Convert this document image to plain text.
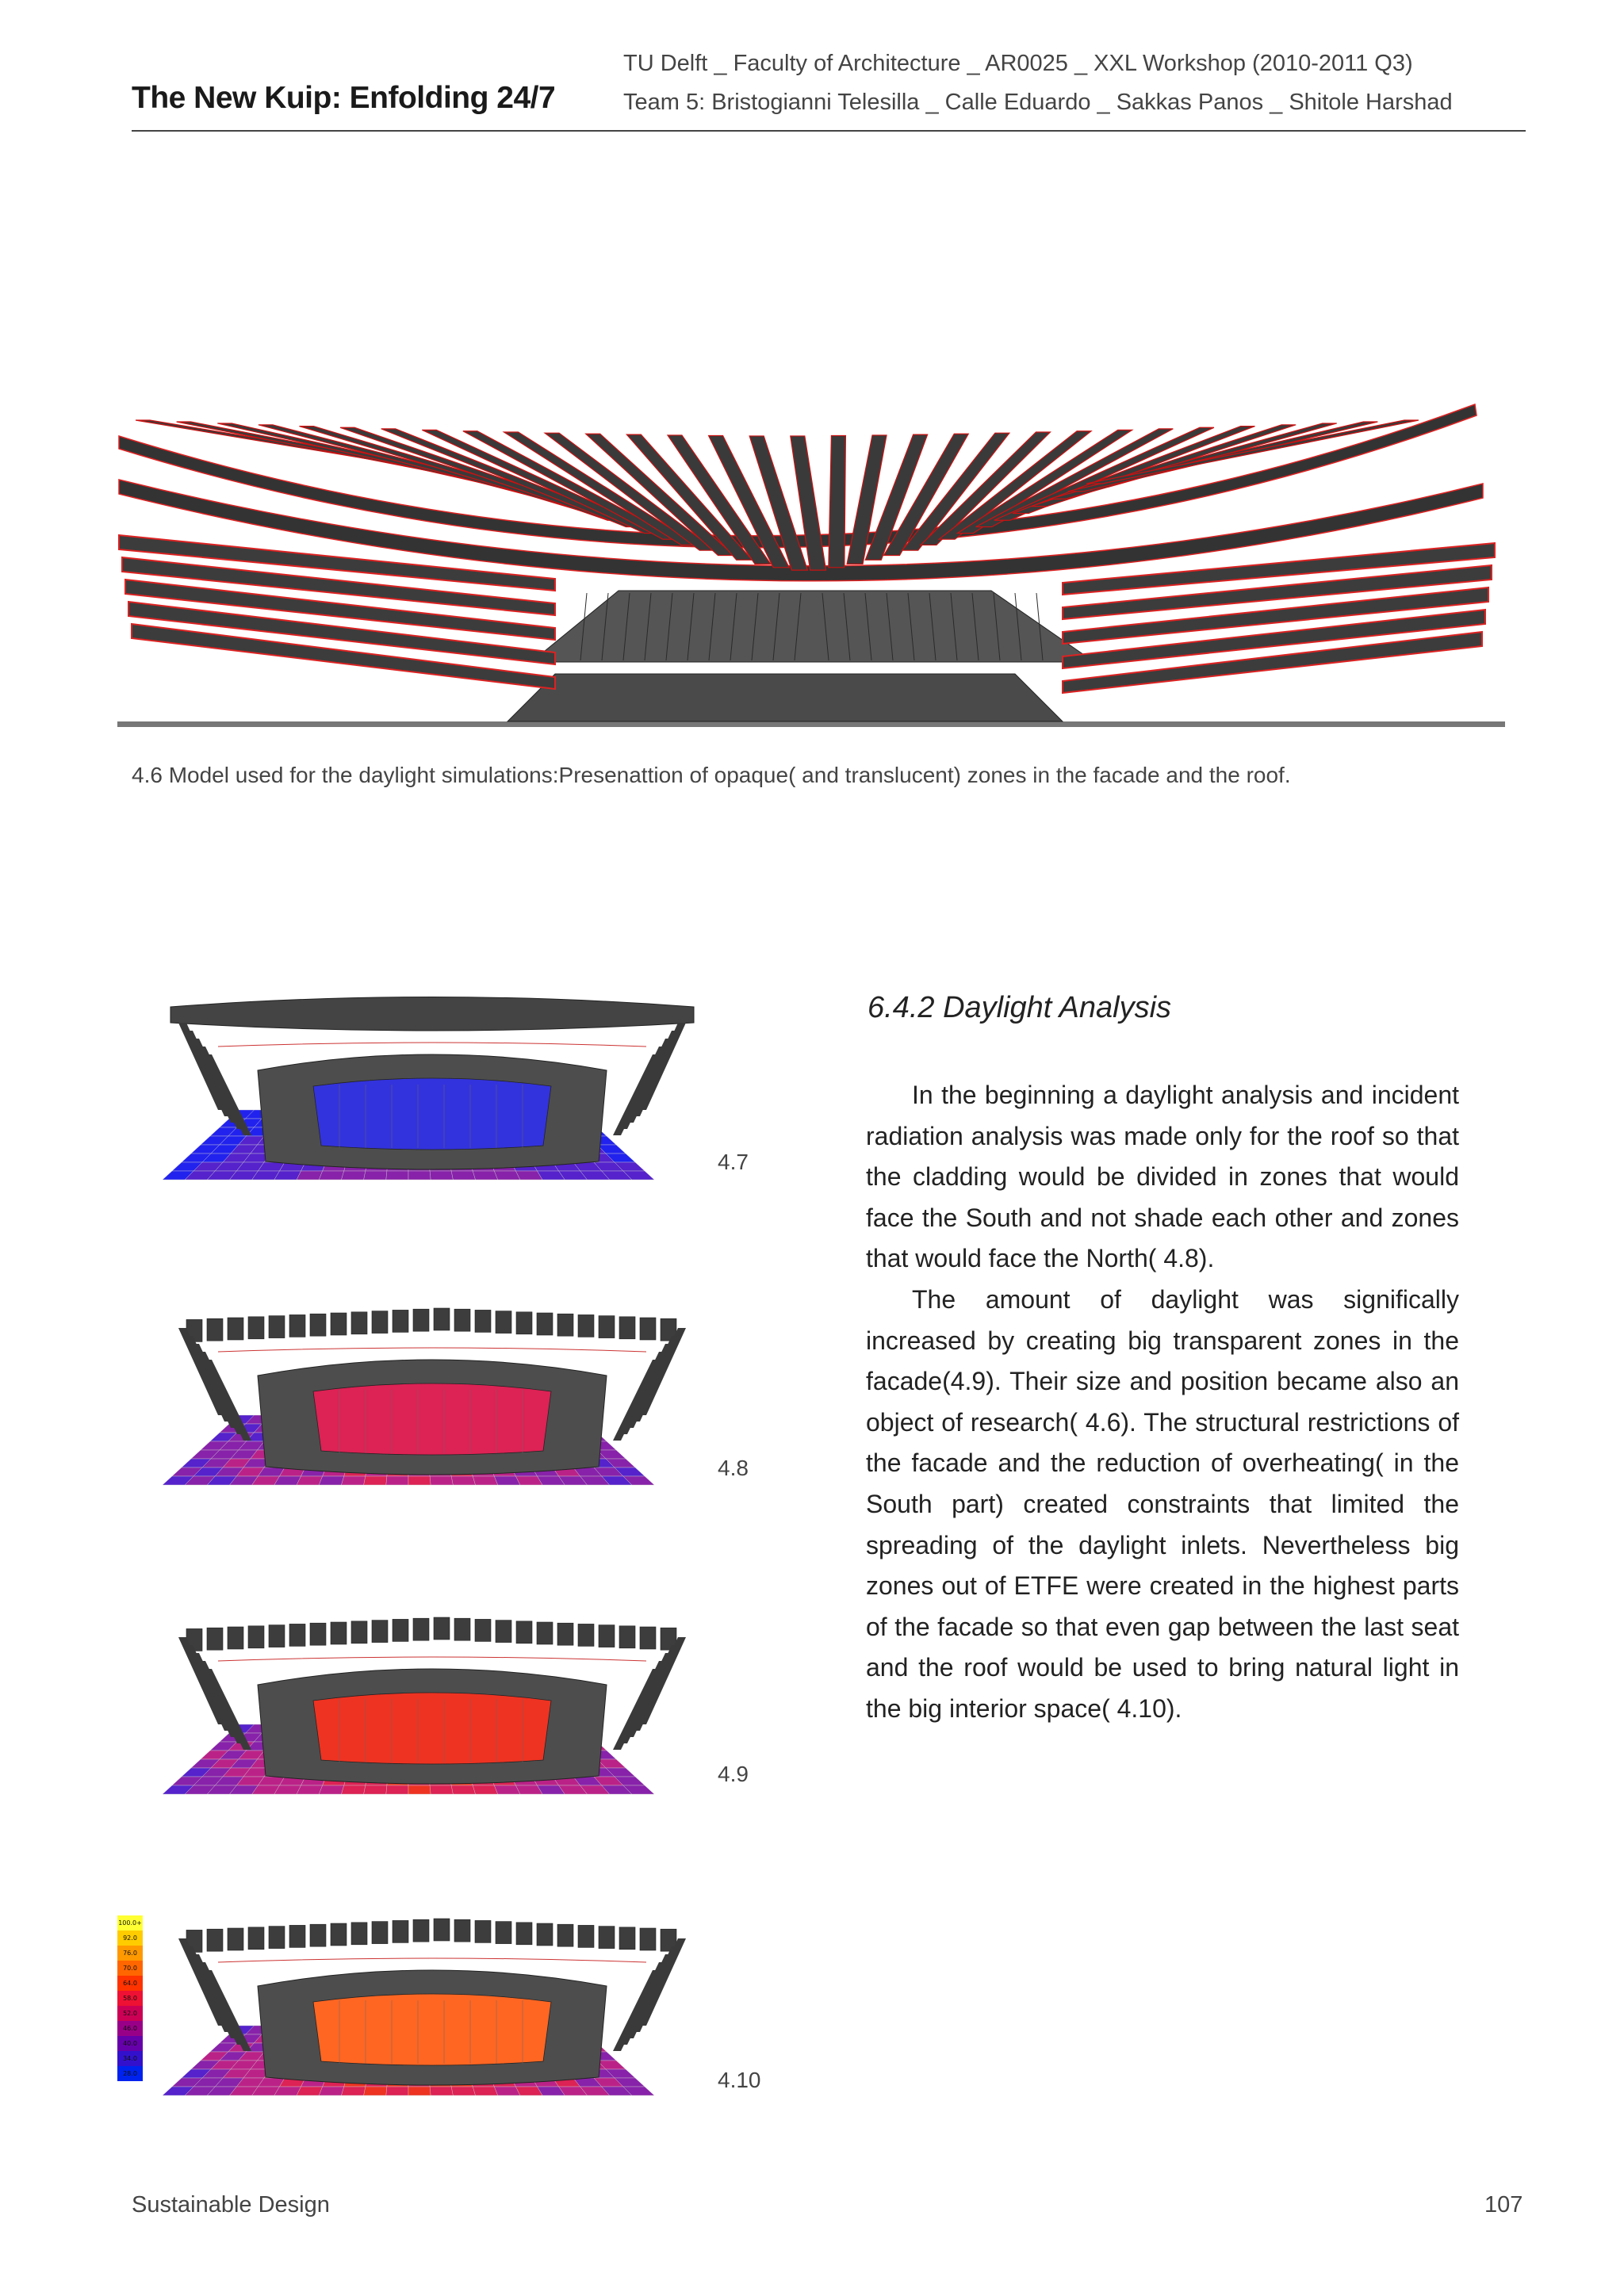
The New Kuip: Enfolding 24/7
TU Delft _ Faculty of Architecture _ AR0025 _ XXL Workshop (2010-2011 Q3)
Team 5: Bristogianni Telesilla _ Calle Eduardo _ Sakkas Panos _ Shitole Harshad
4.6 Model used for the daylight simulations:Presenattion of opaque( and translucent) zones in the facade and the roof.
4.7
4.8
4.9
4.10
100.0+
92.0
76.0
70.0
64.0
58.0
52.0
46.0
40.0
34.0
28.0
6.4.2 Daylight Analysis

In the beginning a daylight analysis and incident radiation analysis was made only for the roof so that the cladding would be divided in zones that would face the South and not shade each other and zones that would face the North( 4.8).

The amount of daylight was significally increased by creating big transparent zones in the facade(4.9). Their size and position became also an object of research( 4.6). The structural restrictions of the facade and the reduction of overheating( in the South part) created constraints that limited the spreading of the daylight inlets. Nevertheless big zones out of ETFE were created in the highest parts of the facade so that even gap between the last seat and the roof would be used to bring natural light in the big interior space( 4.10).

Sustainable Design	107
